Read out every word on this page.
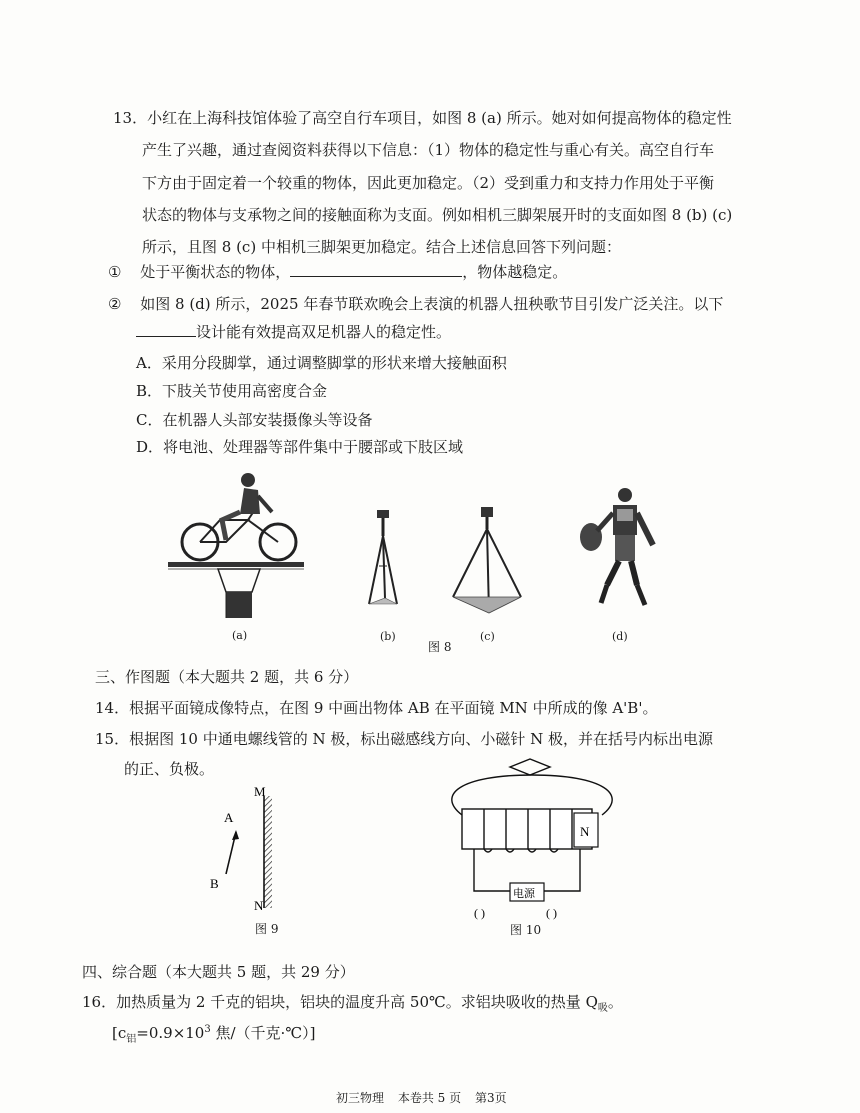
13．小红在上海科技馆体验了高空自行车项目，如图 8 (a) 所示。她对如何提高物体的稳定性
产生了兴趣，通过查阅资料获得以下信息：（1）物体的稳定性与重心有关。高空自行车
下方由于固定着一个较重的物体，因此更加稳定。（2）受到重力和支持力作用处于平衡
状态的物体与支承物之间的接触面称为支面。例如相机三脚架展开时的支面如图 8 (b) (c)
所示，且图 8 (c) 中相机三脚架更加稳定。结合上述信息回答下列问题：
① 处于平衡状态的物体，	，物体越稳定。
② 如图 8 (d) 所示，2025 年春节联欢晚会上表演的机器人扭秧歌节目引发广泛关注。以下
设计能有效提高双足机器人的稳定性。
A．采用分段脚掌，通过调整脚掌的形状来增大接触面积
B．下肢关节使用高密度合金
C．在机器人头部安装摄像头等设备
D．将电池、处理器等部件集中于腰部或下肢区域
(a)	(b)	(c)
图 8
(d)
三、作图题（本大题共 2 题，共 6 分）
14．根据平面镜成像特点，在图 9 中画出物体 AB 在平面镜 MN 中所成的像 A'B'。
15．根据图 10 中通电螺线管的 N 极，标出磁感线方向、小磁针 N 极，并在括号内标出电源
的正、负极。
M
N
A
B
图 9
N
电源
( )	( )
图 10
四、综合题（本大题共 5 题，共 29 分）
16．加热质量为 2 千克的铝块，铝块的温度升高 50℃。求铝块吸收的热量 $Q_吸$。
[$c_铝=0.9\times 10^3$ 焦/（千克·℃）]
初三物理 本卷共 5 页 第3页
